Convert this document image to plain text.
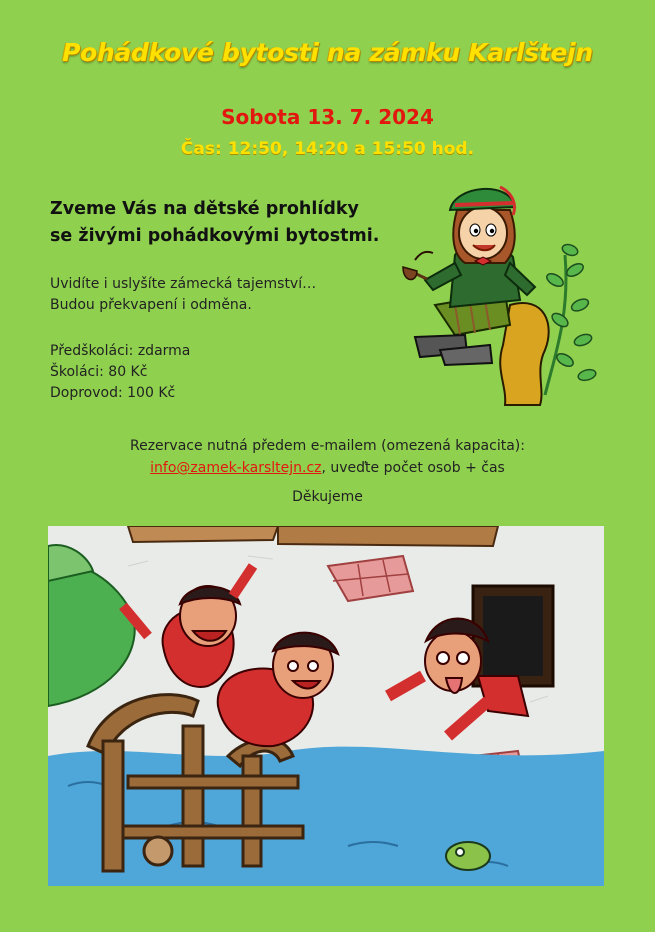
Pohádkové bytosti na zámku Karlštejn
Sobota 13. 7. 2024
Čas: 12:50, 14:20 a 15:50 hod.
Zveme Vás na dětské prohlídky
se živými pohádkovými bytostmi.
Uvidíte i uslyšíte zámecká tajemství…
Budou překvapení i odměna.
Předškoláci: zdarma
Školáci: 80 Kč
Doprovod: 100 Kč
Rezervace nutná předem e-mailem (omezená kapacita):
info@zamek-karsltejn.cz, uveďte počet osob + čas
Děkujeme
